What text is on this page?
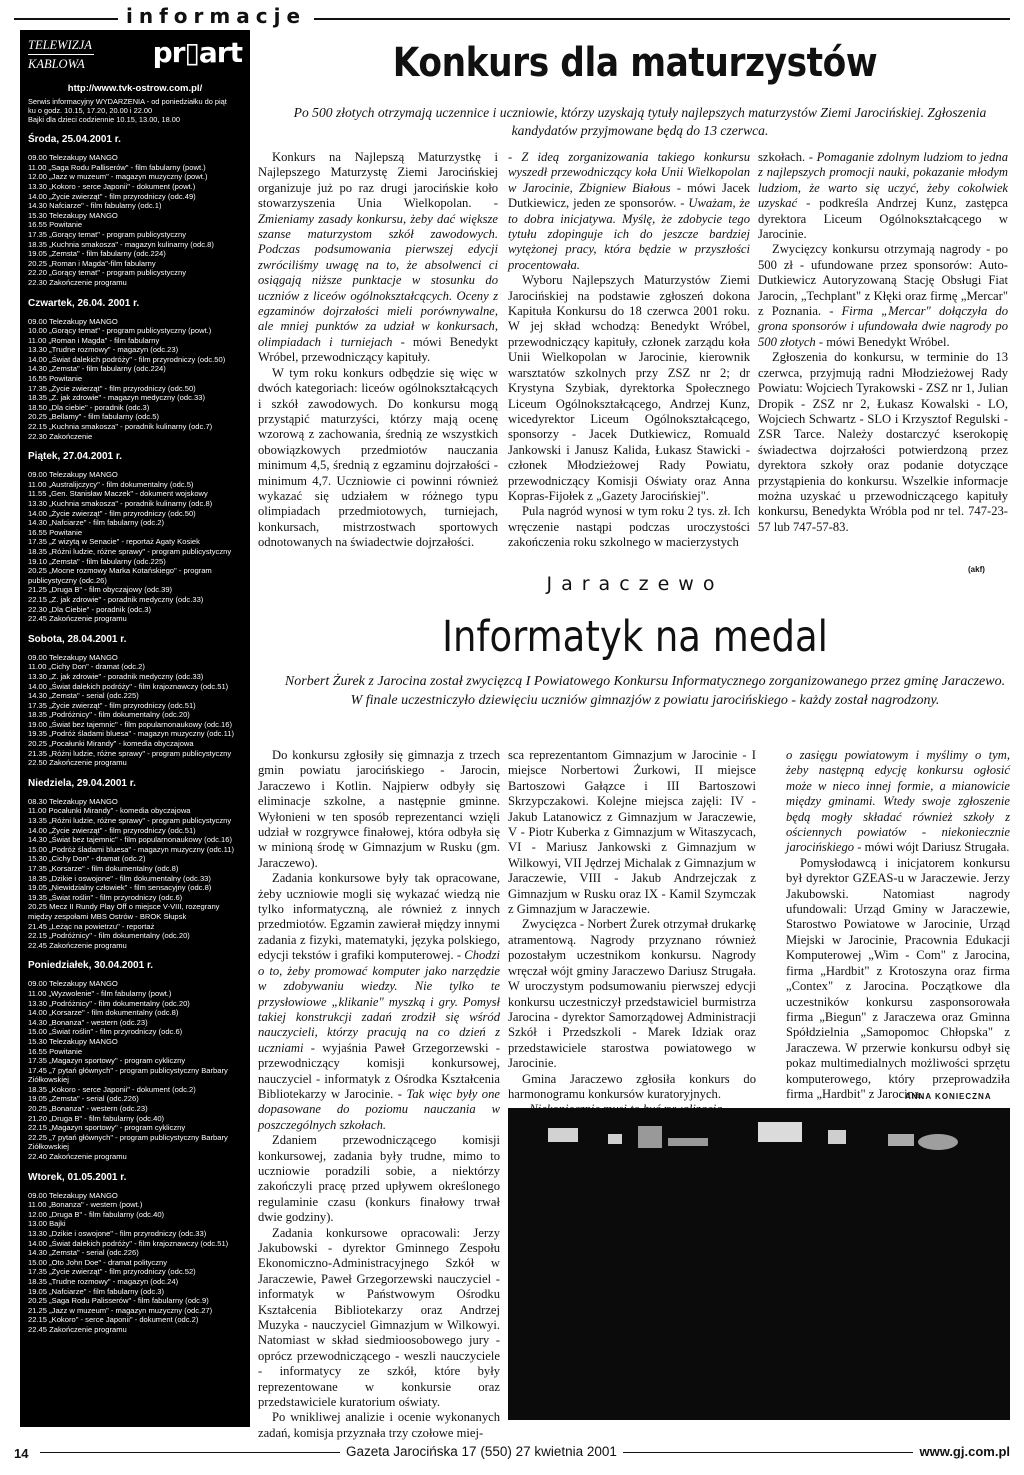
informacje
TELEWIZJA
KABLOWA	pr▯art
http://www.tvk-ostrow.com.pl/
Serwis informacyjny WYDARZENIA - od poniedziałku do piąt
ku o godz. 10.15, 17.20, 20.00 i 22.00
Bajki dla dzieci codziennie 10.15, 13.00, 18.00
Środa, 25.04.2001 r.
09.00 Telezakupy MANGO
11.00 „Saga Rodu Palliserów" - film fabularny (powt.)
12.00 „Jazz w muzeum" - magazyn muzyczny (powt.)
13.30 „Kokoro - serce Japonii" - dokument (powt.)
14.00 „Życie zwierząt" - film przyrodniczy (odc.49)
14.30 Nafciarze" - film fabularny (odc.1)
15.30 Telezakupy MANGO
16.55 Powitanie
17.35 „Gorący temat" - program publicystyczny
18.35 „Kuchnia smakosza" - magazyn kulinarny (odc.8)
19.05 „Zemsta" - film fabularny (odc.224)
20.25 „Roman i Magda"-film fabularny
22.20 „Gorący temat" - program publicystyczny
22.30 Zakończenie programu
Czwartek, 26.04. 2001 r.
09.00 Telezakupy MANGO
10.00 „Gorący temat" - program publicystyczny (powt.)
11.00 „Roman i Magda" - film fabularny
13.30 „Trudne rozmowy" - magazyn (odc.23)
14.00 „Świat dalekich podróży" - film przyrodniczy (odc.50)
14.30 „Zemsta" - film fabularny (odc.224)
16.55 Powitanie
17.35 „Życie zwierząt" - film przyrodniczy (odc.50)
18.35 „Z. jak zdrowie" - magazyn medyczny (odc.33)
18.50 „Dla ciebie" - poradnik (odc.3)
20.25 „Bellamy" - film fabularny (odc.5)
22.15 „Kuchnia smakosza" - poradnik kulinarny (odc.7)
22.30 Zakończenie
Piątek, 27.04.2001 r.
09.00 Telezakupy MANGO
11.00 „Australijczycy" - film dokumentalny (odc.5)
11.55 „Gen. Stanisław Maczek" - dokument wojskowy
13.30 „Kuchnia smakosza" - poradnik kulinarny (odc.8)
14.00 „Życie zwierząt" - film przyrodniczy (odc.50)
14.30 „Nafciarze" - film fabularny (odc.2)
16.55 Powitanie
17.35 „Z wizytą w Senacie" - reportaż Agaty Kosiek
18.35 „Różni ludzie, różne sprawy" - program publicystyczny
19.10 „Zemsta" - film fabularny (odc.225)
20.25 „Mocne rozmowy Marka Kotańskiego" - program
publicystyczny (odc.26)
21.25 „Druga B" - film obyczajowy (odc.39)
22.15 „Z. jak zdrowie" - poradnik medyczny (odc.33)
22.30 „Dla Ciebie" - poradnik (odc.3)
22.45 Zakończenie programu
Sobota, 28.04.2001 r.
09.00 Telezakupy MANGO
11.00 „Cichy Don" - dramat (odc.2)
13.30 „Z. jak zdrowie" - poradnik medyczny (odc.33)
14.00 „Świat dalekich podróży" - film krajoznawczy (odc.51)
14.30 „Zemsta" - serial (odc.225)
17.35 „Życie zwierząt" - film przyrodniczy (odc.51)
18.35 „Podróżnicy" - film dokumentalny (odc.20)
19.00 „Świat bez tajemnic" - film popularnonaukowy (odc.16)
19.35 „Podróż śladami bluesa" - magazyn muzyczny (odc.11)
20.25 „Pocałunki Mirandy" - komedia obyczajowa
21.35 „Różni ludzie, różne sprawy" - program publicystyczny
22.50 Zakończenie programu
Niedziela, 29.04.2001 r.
08.30 Telezakupy MANGO
11.00 Pocałunki Mirandy" - komedia obyczajowa
13.35 „Różni ludzie, różne sprawy" - program publicystyczny
14.00 „Życie zwierząt" - film przyrodniczy (odc.51)
14.30 „Świat bez tajemnic" - film popularnonaukowy (odc.16)
15.00 „Podróż śladami bluesa" - magazyn muzyczny (odc.11)
15.30 „Cichy Don" - dramat (odc.2)
17.35 „Korsarze" - film dokumentalny (odc.8)
18.35 „Dzikie i oswojone" - film dokumentalny (odc.33)
19.05 „Niewidzialny człowiek" - film sensacyjny (odc.8)
19.35 „Świat roślin" - film przyrodniczy (odc.6)
20.25 Mecz II Rundy Play Off o miejsce V-VIII, rozegrany
między zespołami MBS Ostrów - BROK Słupsk
21.45 „Leżąc na powietrzu" - reportaż
22.15 „Podróżnicy" - film dokumentalny (odc.20)
22.45 Zakończenie programu
Poniedziałek, 30.04.2001 r.
09.00 Telezakupy MANGO
11.00 „Wyzwolenie" - film fabularny (powt.)
13.30 „Podróżnicy" - film dokumentalny (odc.20)
14.00 „Korsarze" - film dokumentalny (odc.8)
14.30 „Bonanza" - western (odc.23)
15.00 „Świat roślin" - film przyrodniczy (odc.6)
15.30 Telezakupy MANGO
16.55 Powitanie
17.35 „Magazyn sportowy" - program cykliczny
17.45 „7 pytań głównych" - program publicystyczny Barbary
Ziółkowskiej
18.35 „Kokoro - serce Japonii" - dokument (odc.2)
19.05 „Zemsta" - serial (odc.226)
20.25 „Bonanza" - western (odc.23)
21.20 „Druga B" - film fabularny (odc.40)
22.15 „Magazyn sportowy" - program cykliczny
22.25 „7 pytań głównych" - program publicystyczny Barbary
Ziółkowskiej
22.40 Zakończenie programu
Wtorek, 01.05.2001 r.
09.00 Telezakupy MANGO
11.00 „Bonanza" - western (powt.)
12.00 „Druga B" - film fabularny (odc.40)
13.00 Bajki
13.30 „Dzikie i oswojone" - film przyrodniczy (odc.33)
14.00 „Świat dalekich podróży" - film krajoznawczy (odc.51)
14.30 „Zemsta" - serial (odc.226)
15.00 „Oto John Doe" - dramat polityczny
17.35 „Życie zwierząt" - film przyrodniczy (odc.52)
18.35 „Trudne rozmowy" - magazyn (odc.24)
19.05 „Nafciarze" - film fabularny (odc.3)
20.25 „Saga Rodu Palisserów" - film fabularny (odc.9)
21.25 „Jazz w muzeum" - magazyn muzyczny (odc.27)
22.15 „Kokoro" - serce Japonii" - dokument (odc.2)
22.45 Zakończenie programu
Konkurs dla maturzystów
Po 500 złotych otrzymają uczennice i uczniowie, którzy uzyskają tytuły najlepszych maturzystów Ziemi Jarocińskiej. Zgłoszenia kandydatów przyjmowane będą do 13 czerwca.

Konkurs na Najlepszą Maturzystkę i Najlepszego Maturzystę Ziemi Jarocińskiej organizuje już po raz drugi jarocińskie koło stowarzyszenia Unia Wielkopolan. - Zmieniamy zasady konkursu, żeby dać większe szanse maturzystom szkół zawodowych. Podczas podsumowania pierwszej edycji zwróciliśmy uwagę na to, że absolwenci ci osiągają niższe punktacje w stosunku do uczniów z liceów ogólnokształcących. Oceny z egzaminów dojrzałości mieli porównywalne, ale mniej punktów za udział w konkursach, olimpiadach i turniejach - mówi Benedykt Wróbel, przewodniczący kapituły.

W tym roku konkurs odbędzie się więc w dwóch kategoriach: liceów ogólnokształcących i szkół zawodowych. Do konkursu mogą przystąpić maturzyści, którzy mają ocenę wzorową z zachowania, średnią ze wszystkich obowiązkowych przedmiotów nauczania minimum 4,5, średnią z egzaminu dojrzałości - minimum 4,7. Uczniowie ci powinni również wykazać się udziałem w różnego typu olimpiadach przedmiotowych, turniejach, konkursach, mistrzostwach sportowych odnotowanych na świadectwie dojrzałości.

- Z ideą zorganizowania takiego konkursu wyszedł przewodniczący koła Unii Wielkopolan w Jarocinie, Zbigniew Białous - mówi Jacek Dutkiewicz, jeden ze sponsorów. - Uważam, że to dobra inicjatywa. Myślę, że zdobycie tego tytułu zdopinguje ich do jeszcze bardziej wytężonej pracy, która będzie w przyszłości procentowała.

Wyboru Najlepszych Maturzystów Ziemi Jarocińskiej na podstawie zgłoszeń dokona Kapituła Konkursu do 18 czerwca 2001 roku. W jej skład wchodzą: Benedykt Wróbel, przewodniczący kapituły, członek zarządu koła Unii Wielkopolan w Jarocinie, kierownik warsztatów szkolnych przy ZSZ nr 2; dr Krystyna Szybiak, dyrektorka Społecznego Liceum Ogólnokształcącego, Andrzej Kunz, wicedyrektor Liceum Ogólnokształcącego, sponsorzy - Jacek Dutkiewicz, Romuald Jankowski i Janusz Kalida, Łukasz Stawicki - członek Młodzieżowej Rady Powiatu, przewodniczący Komisji Oświaty oraz Anna Kopras-Fijołek z „Gazety Jarocińskiej".

Pula nagród wynosi w tym roku 2 tys. zł. Ich wręczenie nastąpi podczas uroczystości zakończenia roku szkolnego w macierzystych

szkołach. - Pomaganie zdolnym ludziom to jedna z najlepszych promocji nauki, pokazanie młodym ludziom, że warto się uczyć, żeby cokolwiek uzyskać - podkreśla Andrzej Kunz, zastępca dyrektora Liceum Ogólnokształcącego w Jarocinie.

Zwycięzcy konkursu otrzymają nagrody - po 500 zł - ufundowane przez sponsorów: Auto-Dutkiewicz Autoryzowaną Stację Obsługi Fiat Jarocin, „Techplant" z Kłęki oraz firmę „Mercar" z Poznania. - Firma „Mercar" dołączyła do grona sponsorów i ufundowała dwie nagrody po 500 złotych - mówi Benedykt Wróbel.

Zgłoszenia do konkursu, w terminie do 13 czerwca, przyjmują radni Młodzieżowej Rady Powiatu: Wojciech Tyrakowski - ZSZ nr 1, Julian Dropik - ZSZ nr 2, Łukasz Kowalski - LO, Wojciech Schwartz - SLO i Krzysztof Regulski - ZSR Tarce. Należy dostarczyć kserokopię świadectwa dojrzałości potwierdzoną przez dyrektora szkoły oraz podanie dotyczące przystąpienia do konkursu. Wszelkie informacje można uzyskać u przewodniczącego kapituły konkursu, Benedykta Wróbla pod nr tel. 747-23-57 lub 747-57-83.

(akf)
Jaraczewo
Informatyk na medal
Norbert Żurek z Jarocina został zwycięzcą I Powiatowego Konkursu Informatycznego zorganizowanego przez gminę Jaraczewo. W finale uczestniczyło dziewięciu uczniów gimnazjów z powiatu jarocińskiego - każdy został nagrodzony.

Do konkursu zgłosiły się gimnazja z trzech gmin powiatu jarocińskiego - Jarocin, Jaraczewo i Kotlin. Najpierw odbyły się eliminacje szkolne, a następnie gminne. Wyłonieni w ten sposób reprezentanci wzięli udział w rozgrywce finałowej, która odbyła się w minioną środę w Gimnazjum w Rusku (gm. Jaraczewo).

Zadania konkursowe były tak opracowane, żeby uczniowie mogli się wykazać wiedzą nie tylko informatyczną, ale również z innych przedmiotów. Egzamin zawierał między innymi zadania z fizyki, matematyki, języka polskiego, edycji tekstów i grafiki komputerowej. - Chodzi o to, żeby promować komputer jako narzędzie w zdobywaniu wiedzy. Nie tylko te przysłowiowe „klikanie" myszką i gry. Pomysł takiej konstrukcji zadań zrodził się wśród nauczycieli, którzy pracują na co dzień z uczniami - wyjaśnia Paweł Grzegorzewski - przewodniczący komisji konkursowej, nauczyciel - informatyk z Ośrodka Kształcenia Bibliotekarzy w Jarocinie. - Tak więc były one dopasowane do poziomu nauczania w poszczególnych szkołach.

Zdaniem przewodniczącego komisji konkursowej, zadania były trudne, mimo to uczniowie poradzili sobie, a niektórzy zakończyli pracę przed upływem określonego regulaminie czasu (konkurs finałowy trwał dwie godziny).

Zadania konkursowe opracowali: Jerzy Jakubowski - dyrektor Gminnego Zespołu Ekonomiczno-Administracyjnego Szkół w Jaraczewie, Paweł Grzegorzewski nauczyciel - informatyk w Państwowym Ośrodku Kształcenia Bibliotekarzy oraz Andrzej Muzyka - nauczyciel Gimnazjum w Wilkowyi. Natomiast w skład siedmioosobowego jury - oprócz przewodniczącego - weszli nauczyciele - informatycy ze szkół, które były reprezentowane w konkursie oraz przedstawiciele kuratorium oświaty.

Po wnikliwej analizie i ocenie wykonanych zadań, komisja przyznała trzy czołowe miej-

sca reprezentantom Gimnazjum w Jarocinie - I miejsce Norbertowi Żurkowi, II miejsce Bartoszowi Gałązce i III Bartoszowi Skrzypczakowi. Kolejne miejsca zajęli: IV - Jakub Latanowicz z Gimnazjum w Jaraczewie, V - Piotr Kuberka z Gimnazjum w Witaszycach, VI - Mariusz Jankowski z Gimnazjum w Wilkowyi, VII Jędrzej Michalak z Gimnazjum w Jaraczewie, VIII - Jakub Andrzejczak z Gimnazjum w Rusku oraz IX - Kamil Szymczak z Gimnazjum w Jaraczewie.

Zwycięzca - Norbert Żurek otrzymał drukarkę atramentową. Nagrody przyznano również pozostałym uczestnikom konkursu. Nagrody wręczał wójt gminy Jaraczewo Dariusz Strugała. W uroczystym podsumowaniu pierwszej edycji konkursu uczestniczył przedstawiciel burmistrza Jarocina - dyrektor Samorządowej Administracji Szkół i Przedszkoli - Marek Idziak oraz przedstawiciele starostwa powiatowego w Jarocinie.

Gmina Jaraczewo zgłosiła konkurs do harmonogramu konkursów kuratoryjnych.

o zasięgu powiatowym i myślimy o tym, żeby następną edycję konkursu ogłosić może w nieco innej formie, a mianowicie między gminami. Wtedy swoje zgłoszenie będą mogły składać również szkoły z ościennych powiatów - niekoniecznie jarocińskiego - mówi wójt Dariusz Strugała.

Pomysłodawcą i inicjatorem konkursu był dyrektor GZEAS-u w Jaraczewie. Jerzy Jakubowski. Natomiast nagrody ufundowali: Urząd Gminy w Jaraczewie, Starostwo Powiatowe w Jarocinie, Urząd Miejski w Jarocinie, Pracownia Edukacji Komputerowej „Wim - Com" z Jarocina, firma „Hardbit" z Krotoszyna oraz firma „Contex" z Jarocina. Początkowe dla uczestników konkursu zasponsorowała firma „Biegun" z Jaraczewa oraz Gminna Spółdzielnia „Samopomoc Chłopska" z Jaraczewa. W przerwie konkursu odbył się pokaz multimedialnych możliwości sprzętu komputerowego, który przeprowadziła firma „Hardbit" z Jarocina.

ANNA KONIECZNA
14	Gazeta Jarocińska 17 (550) 27 kwietnia 2001	www.gj.com.pl
